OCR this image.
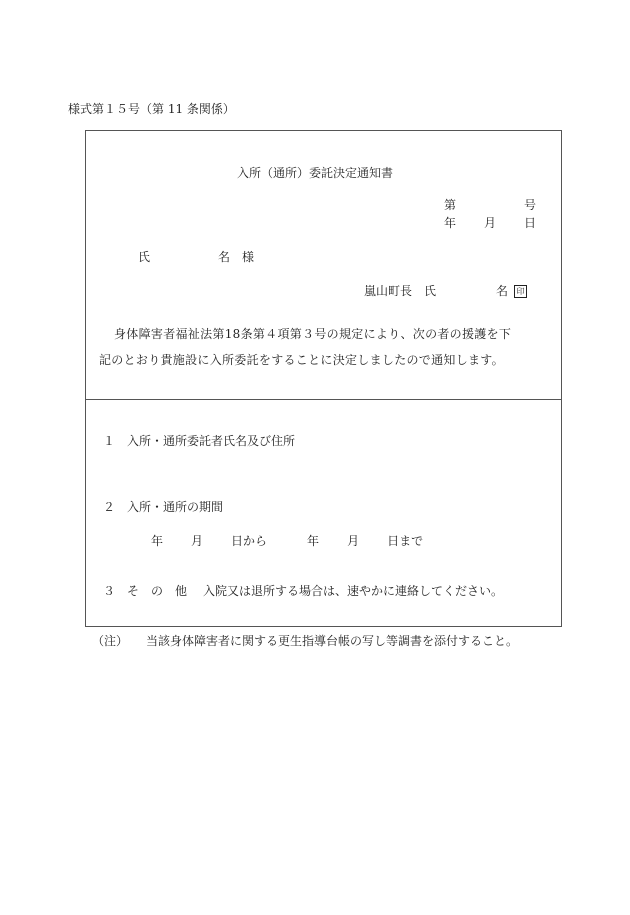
様式第１５号（第 11 条関係）
入所（通所）委託決定通知書
第	号
年 月 日
氏	名　様
嵐山町長　氏	名 印
身体障害者福祉法第18条第４項第３号の規定により、次の者の援護を下
記のとおり貴施設に入所委託をすることに決定しましたので通知します。
１ 入所・通所委託者氏名及び住所
２ 入所・通所の期間
年 月 日から	年 月 日まで
３ そ　の　他 入院又は退所する場合は、速やかに連絡してください。
（注） 当該身体障害者に関する更生指導台帳の写し等調書を添付すること。
